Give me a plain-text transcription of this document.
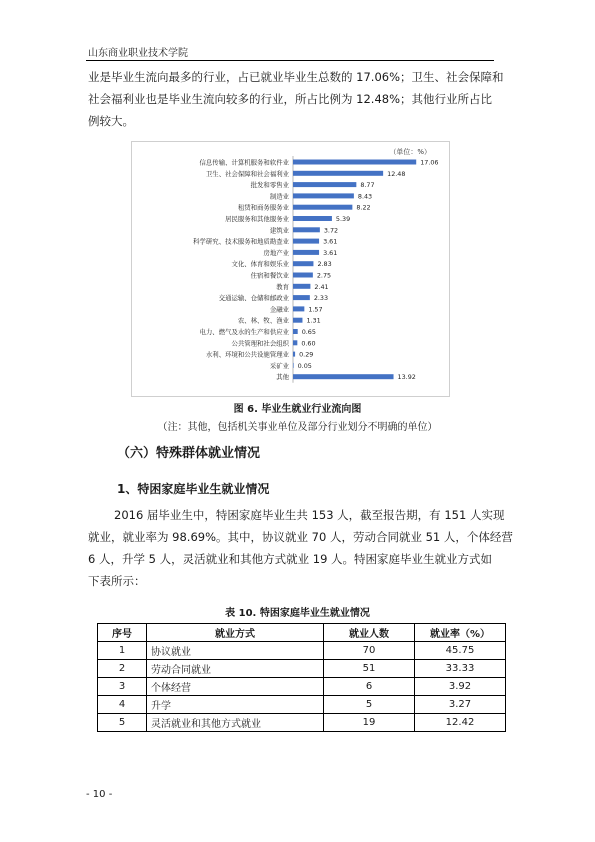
山东商业职业技术学院
业是毕业生流向最多的行业，占已就业毕业生总数的 17.06%；卫生、社会保障和
社会福利业也是毕业生流向较多的行业，所占比例为 12.48%；其他行业所占比
例较大。
（单位：%）
信息传输、计算机服务和软件业	17.06
卫生、社会保障和社会福利业	12.48
批发和零售业	8.77
制造业	8.43
租赁和商务服务业	8.22
居民服务和其他服务业	5.39
建筑业	3.72
科学研究、技术服务和地质勘查业	3.61
房地产业	3.61
文化、体育和娱乐业	2.83
住宿和餐饮业	2.75
教育	2.41
交通运输、仓储和邮政业	2.33
金融业	1.57
农、林、牧、渔业	1.31
电力、燃气及水的生产和供应业 0.65
公共管理和社会组织 0.60
水利、环境和公共设施管理业 0.29
采矿业 0.05
其他	13.92
图 6. 毕业生就业行业流向图
（注：其他，包括机关事业单位及部分行业划分不明确的单位）
（六）特殊群体就业情况
1、特困家庭毕业生就业情况
2016 届毕业生中，特困家庭毕业生共 153 人，截至报告期，有 151 人实现
就业，就业率为 98.69%。其中，协议就业 70 人，劳动合同就业 51 人，个体经营
6 人，升学 5 人，灵活就业和其他方式就业 19 人。特困家庭毕业生就业方式如
下表所示：
表 10. 特困家庭毕业生就业情况
序号	就业方式	就业人数	就业率（%）
1	协议就业	70	45.75
2	劳动合同就业	51	33.33
3	个体经营	6	3.92
4	升学	5	3.27
5	灵活就业和其他方式就业	19	12.42
- 10 -
